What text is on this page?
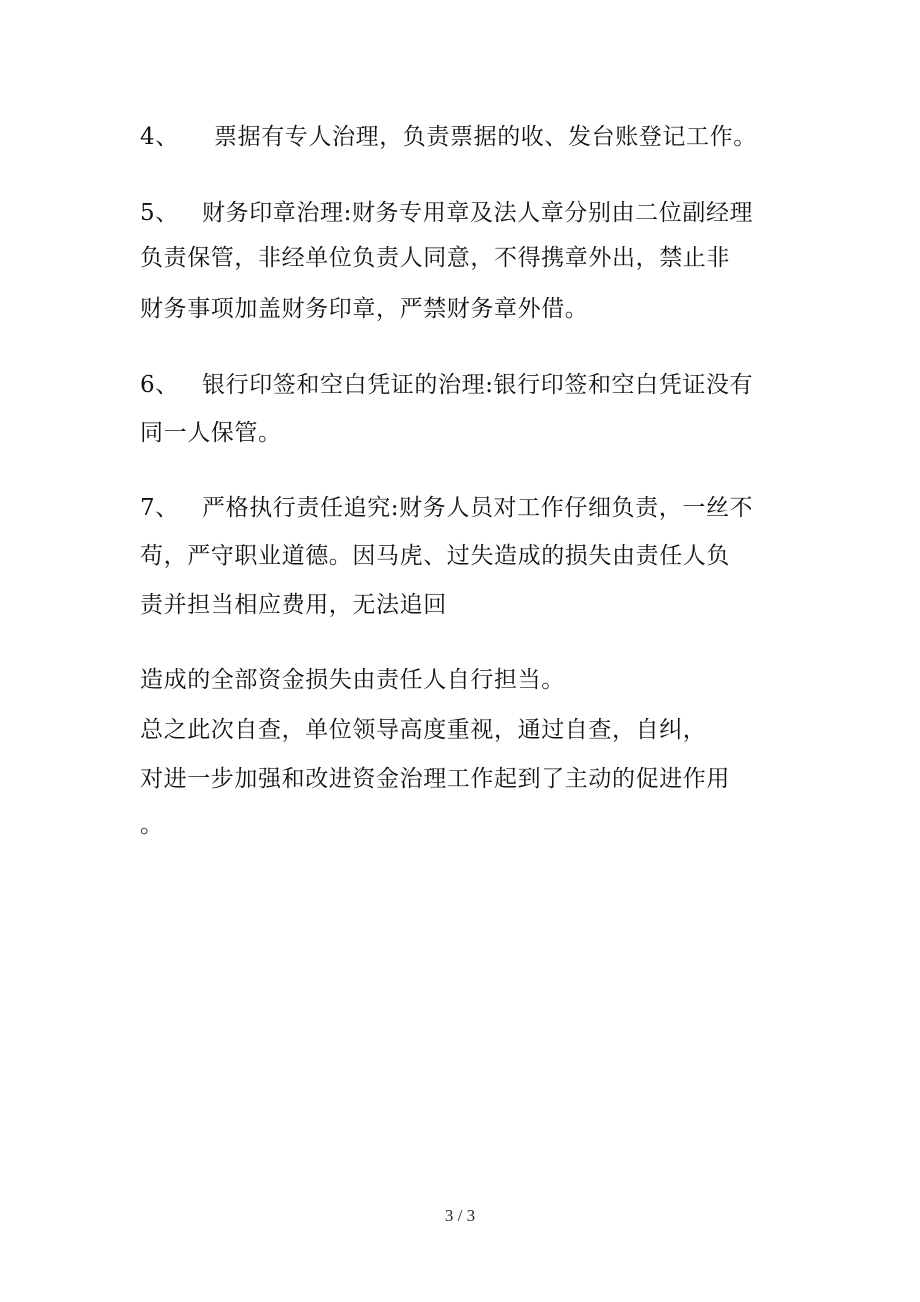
4、 票据有专人治理，负责票据的收、发台账登记工作。
5、 财务印章治理:财务专用章及法人章分别由二位副经理
负责保管，非经单位负责人同意，不得携章外出，禁止非
财务事项加盖财务印章，严禁财务章外借。
6、 银行印签和空白凭证的治理:银行印签和空白凭证没有
同一人保管。
7、 严格执行责任追究:财务人员对工作仔细负责，一丝不
苟，严守职业道德。因马虎、过失造成的损失由责任人负
责并担当相应费用，无法追回
造成的全部资金损失由责任人自行担当。
总之此次自查，单位领导高度重视，通过自查，自纠，
对进一步加强和改进资金治理工作起到了主动的促进作用
。
3 / 3
